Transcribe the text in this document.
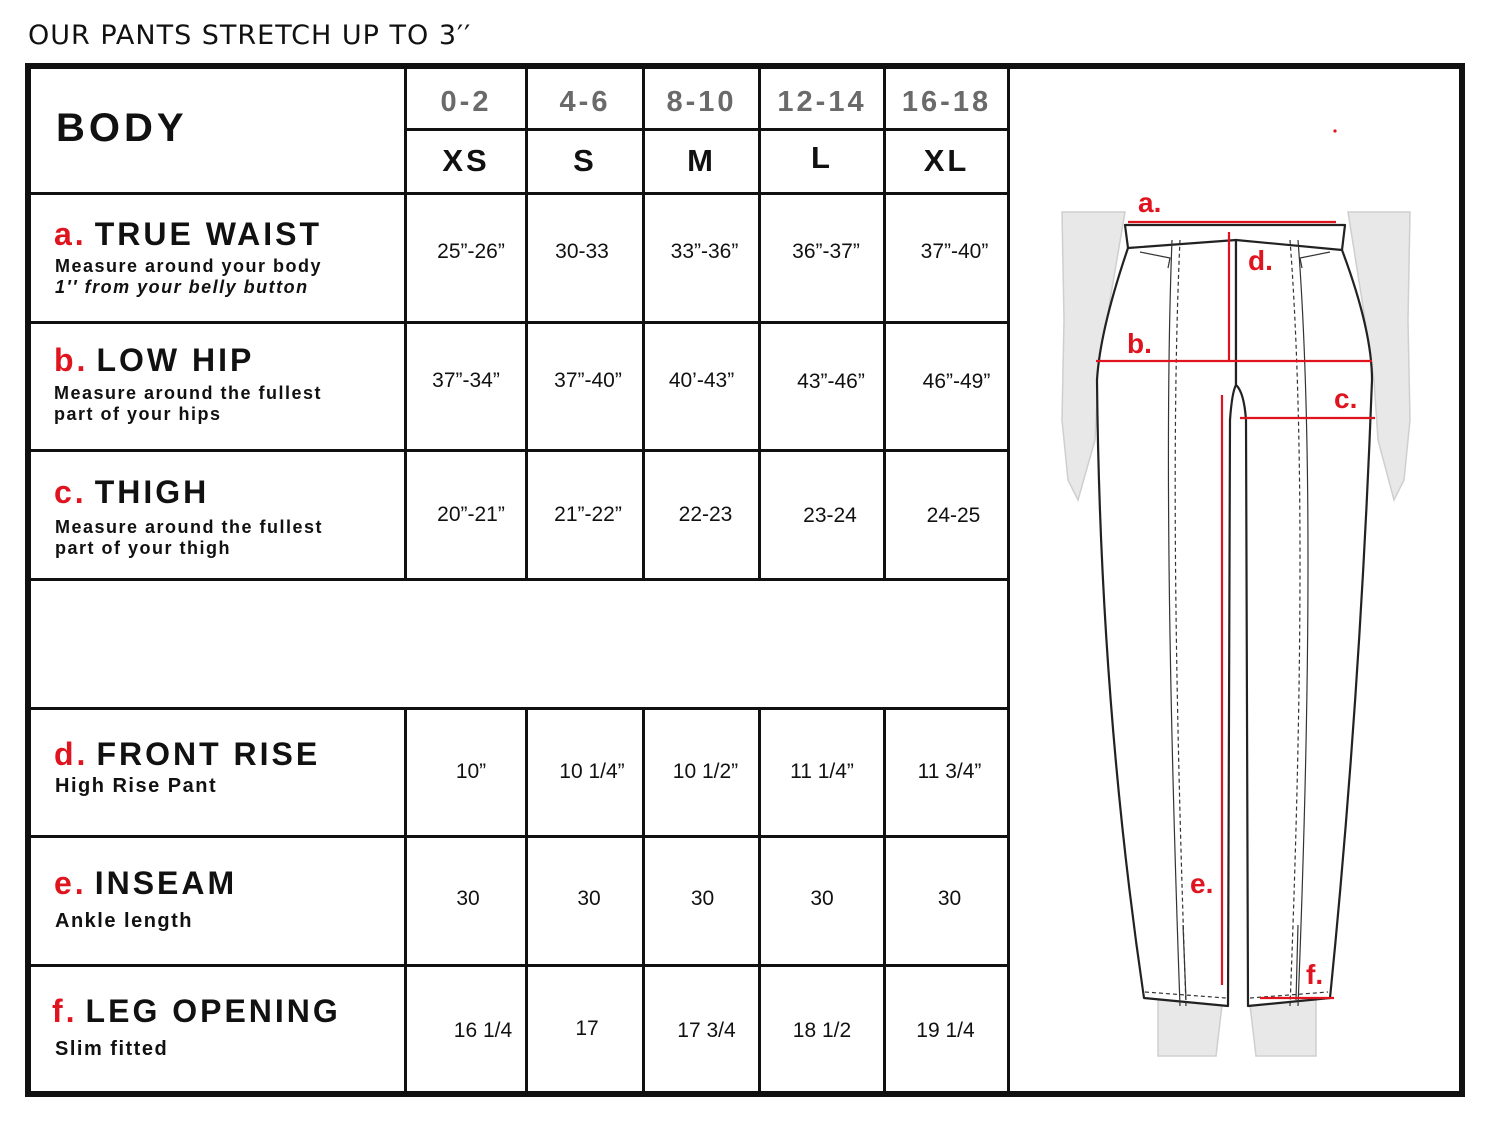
OUR PANTS STRETCH UP TO 3′′
BODY
0-2	4-6	8-10	12-14	16-18
XS	S	M	L	XL
a. TRUE WAIST
Measure around your body
1′′ from your belly button
25”-26”	30-33	33”-36”	36”-37”	37”-40”
b. LOW HIP
Measure around the fullest
part of your hips
37”-34”	37”-40”	40’-43”	43”-46”	46”-49”
c. THIGH
Measure around the fullest
part of your thigh
20”-21”	21”-22”	22-23	23-24	24-25
d. FRONT RISE
High Rise Pant
10”	10 1/4”	10 1/2”	11 1/4”	11 3/4”
e. INSEAM
Ankle length
30	30	30	30	30
f. LEG OPENING
Slim fitted
16 1/4	17	17 3/4	18 1/2	19 1/4
a.
d.
b.
c.
e.
f.
